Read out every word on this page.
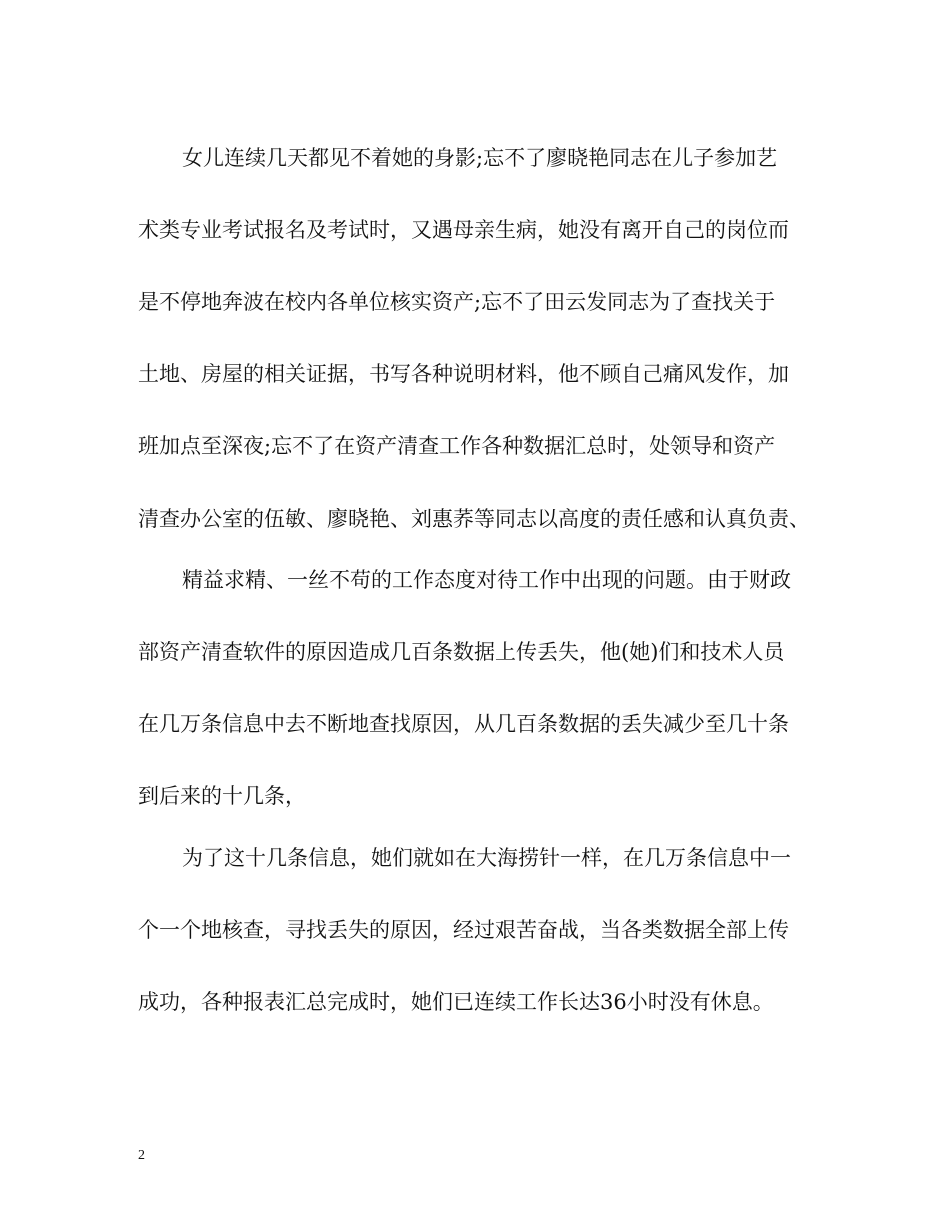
女儿连续几天都见不着她的身影;忘不了廖晓艳同志在儿子参加艺
术类专业考试报名及考试时，又遇母亲生病，她没有离开自己的岗位而
是不停地奔波在校内各单位核实资产;忘不了田云发同志为了查找关于
土地、房屋的相关证据，书写各种说明材料，他不顾自己痛风发作，加
班加点至深夜;忘不了在资产清查工作各种数据汇总时，处领导和资产
清查办公室的伍敏、廖晓艳、刘惠荞等同志以高度的责任感和认真负责、
精益求精、一丝不苟的工作态度对待工作中出现的问题。由于财政
部资产清查软件的原因造成几百条数据上传丢失，他(她)们和技术人员
在几万条信息中去不断地查找原因，从几百条数据的丢失减少至几十条
到后来的十几条，
为了这十几条信息，她们就如在大海捞针一样，在几万条信息中一
个一个地核查，寻找丢失的原因，经过艰苦奋战，当各类数据全部上传
成功，各种报表汇总完成时，她们已连续工作长达36小时没有休息。
2
